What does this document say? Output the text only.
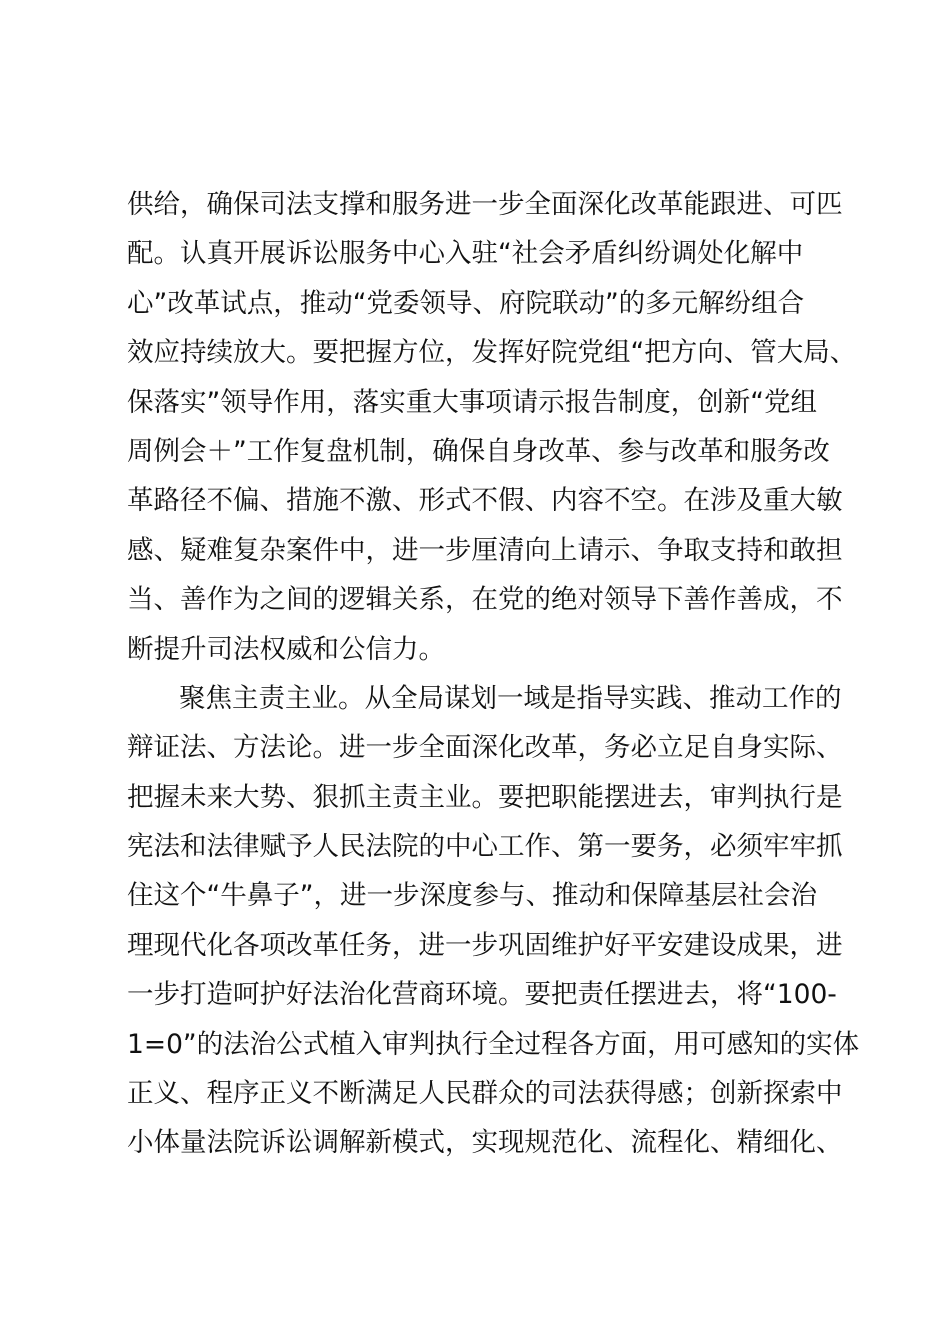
供给，确保司法支撑和服务进一步全面深化改革能跟进、可匹
配。认真开展诉讼服务中心入驻“社会矛盾纠纷调处化解中
心”改革试点，推动“党委领导、府院联动”的多元解纷组合
效应持续放大。要把握方位，发挥好院党组“把方向、管大局、
保落实”领导作用，落实重大事项请示报告制度，创新“党组
周例会＋”工作复盘机制，确保自身改革、参与改革和服务改
革路径不偏、措施不激、形式不假、内容不空。在涉及重大敏
感、疑难复杂案件中，进一步厘清向上请示、争取支持和敢担
当、善作为之间的逻辑关系，在党的绝对领导下善作善成，不
断提升司法权威和公信力。
聚焦主责主业。从全局谋划一域是指导实践、推动工作的
辩证法、方法论。进一步全面深化改革，务必立足自身实际、
把握未来大势、狠抓主责主业。要把职能摆进去，审判执行是
宪法和法律赋予人民法院的中心工作、第一要务，必须牢牢抓
住这个“牛鼻子”，进一步深度参与、推动和保障基层社会治
理现代化各项改革任务，进一步巩固维护好平安建设成果，进
一步打造呵护好法治化营商环境。要把责任摆进去，将“100-
1=0”的法治公式植入审判执行全过程各方面，用可感知的实体
正义、程序正义不断满足人民群众的司法获得感；创新探索中
小体量法院诉讼调解新模式，实现规范化、流程化、精细化、
